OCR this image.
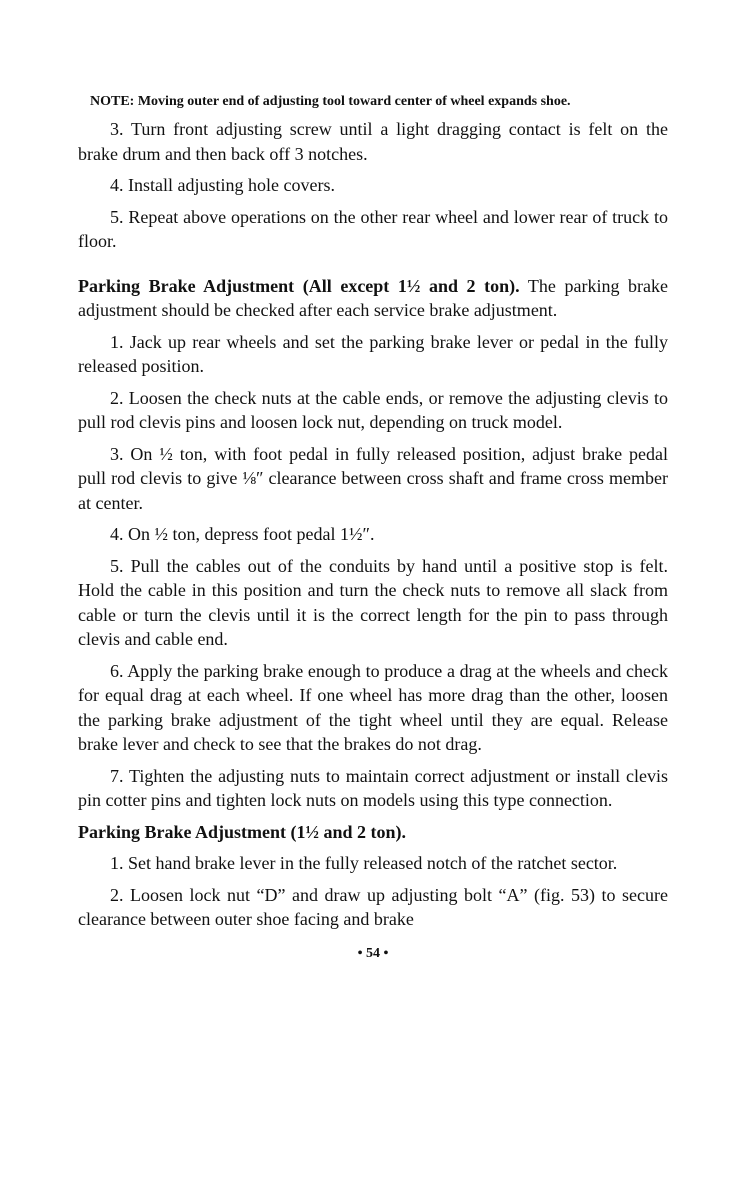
NOTE: Moving outer end of adjusting tool toward center of wheel expands shoe.
3. Turn front adjusting screw until a light dragging contact is felt on the brake drum and then back off 3 notches.
4. Install adjusting hole covers.
5. Repeat above operations on the other rear wheel and lower rear of truck to floor.
Parking Brake Adjustment (All except 1½ and 2 ton). The parking brake adjustment should be checked after each service brake adjustment.
1. Jack up rear wheels and set the parking brake lever or pedal in the fully released position.
2. Loosen the check nuts at the cable ends, or remove the adjusting clevis to pull rod clevis pins and loosen lock nut, depending on truck model.
3. On ½ ton, with foot pedal in fully released position, adjust brake pedal pull rod clevis to give ⅛″ clearance between cross shaft and frame cross member at center.
4. On ½ ton, depress foot pedal 1½″.
5. Pull the cables out of the conduits by hand until a positive stop is felt. Hold the cable in this position and turn the check nuts to remove all slack from cable or turn the clevis until it is the correct length for the pin to pass through clevis and cable end.
6. Apply the parking brake enough to produce a drag at the wheels and check for equal drag at each wheel. If one wheel has more drag than the other, loosen the parking brake adjustment of the tight wheel until they are equal. Release brake lever and check to see that the brakes do not drag.
7. Tighten the adjusting nuts to maintain correct adjustment or install clevis pin cotter pins and tighten lock nuts on models using this type connection.
Parking Brake Adjustment (1½ and 2 ton).
1. Set hand brake lever in the fully released notch of the ratchet sector.
2. Loosen lock nut “D” and draw up adjusting bolt “A” (fig. 53) to secure clearance between outer shoe facing and brake
• 54 •
